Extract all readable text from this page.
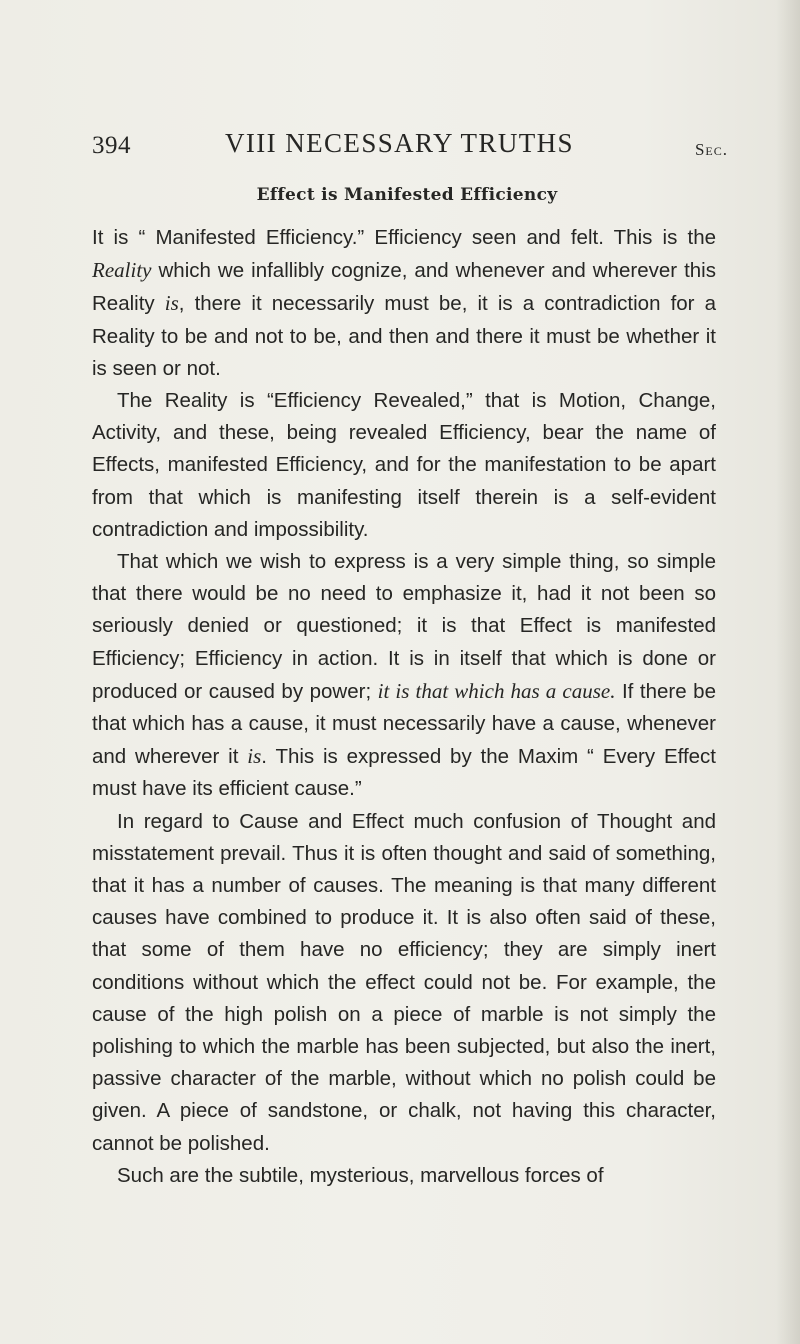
394	VIII NECESSARY TRUTHS	Sec.
Effect is Manifested Efficiency

It is “ Manifested Efficiency.” Efficiency seen and felt. This is the Reality which we infallibly cognize, and whenever and wherever this Reality is, there it necessarily must be, it is a contradiction for a Reality to be and not to be, and then and there it must be whether it is seen or not.

The Reality is “Efficiency Revealed,” that is Motion, Change, Activity, and these, being revealed Efficiency, bear the name of Effects, manifested Efficiency, and for the manifestation to be apart from that which is manifesting itself therein is a self-evident contradiction and impossibility.

That which we wish to express is a very simple thing, so simple that there would be no need to emphasize it, had it not been so seriously denied or questioned; it is that Effect is manifested Efficiency; Efficiency in action. It is in itself that which is done or produced or caused by power; it is that which has a cause. If there be that which has a cause, it must necessarily have a cause, whenever and wherever it is. This is expressed by the Maxim “ Every Effect must have its efficient cause.”

In regard to Cause and Effect much confusion of Thought and misstatement prevail. Thus it is often thought and said of something, that it has a number of causes. The meaning is that many different causes have combined to produce it. It is also often said of these, that some of them have no efficiency; they are simply inert conditions without which the effect could not be. For example, the cause of the high polish on a piece of marble is not simply the polishing to which the marble has been subjected, but also the inert, passive character of the marble, without which no polish could be given. A piece of sandstone, or chalk, not having this character, cannot be polished.

Such are the subtile, mysterious, marvellous forces of
